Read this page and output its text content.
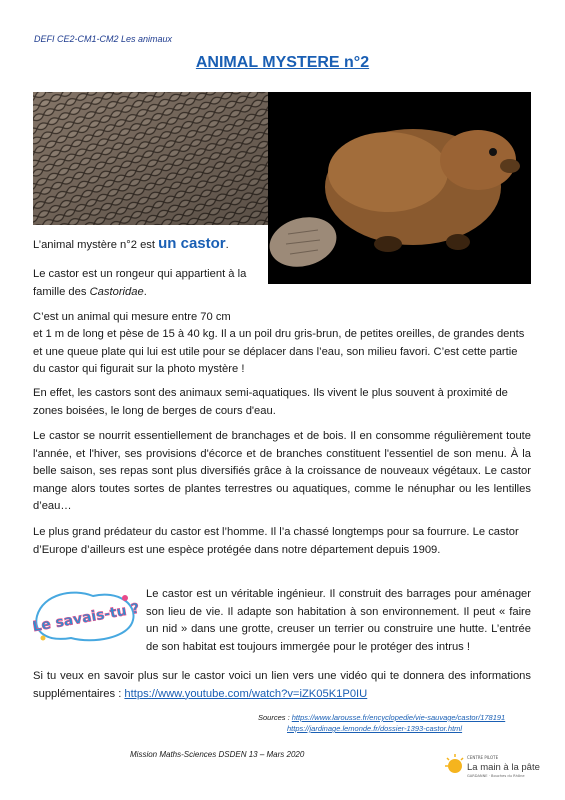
DEFI CE2-CM1-CM2 Les animaux
ANIMAL MYSTERE n°2
L’animal mystère n°2 est un castor.
Le castor est un rongeur qui appartient à la famille des Castoridae.
C’est un animal qui mesure entre 70 cm
et 1 m de long et pèse de 15 à 40 kg. Il a un poil dru gris-brun, de petites oreilles, de grandes dents et une queue plate qui lui est utile pour se déplacer dans l’eau, son milieu favori. C’est cette partie du castor qui figurait sur la photo mystère !
En effet, les castors sont des animaux semi-aquatiques. Ils vivent le plus souvent à proximité de zones boisées, le long de berges de cours d'eau.
Le castor se nourrit essentiellement de branchages et de bois. Il en consomme régulièrement toute l'année, et l'hiver, ses provisions d'écorce et de branches constituent l'essentiel de son menu. À la belle saison, ses repas sont plus diversifiés grâce à la croissance de nouveaux végétaux. Le castor mange alors toutes sortes de plantes terrestres ou aquatiques, comme le nénuphar ou les lentilles d’eau…
Le plus grand prédateur du castor est l’homme. Il l’a chassé longtemps pour sa fourrure. Le castor d’Europe d’ailleurs est une espèce protégée dans notre département depuis 1909.
Le savais-tu ?
Le castor est un véritable ingénieur. Il construit des barrages pour aménager son lieu de vie. Il adapte son habitation à son environnement. Il peut « faire un nid » dans une grotte, creuser un terrier ou construire une hutte. L’entrée de son habitat est toujours immergée pour le protéger des intrus !
Si tu veux en savoir plus sur le castor voici un lien vers une vidéo qui te donnera des informations supplémentaires : https://www.youtube.com/watch?v=iZK05K1P0IU
Sources : https://www.larousse.fr/encyclopedie/vie-sauvage/castor/178191
https://jardinage.lemonde.fr/dossier-1393-castor.html
Mission Maths-Sciences DSDEN 13 – Mars 2020	CENTRE PILOTE
La main à la pâte
GARDANNE · Bouches du Rhône
